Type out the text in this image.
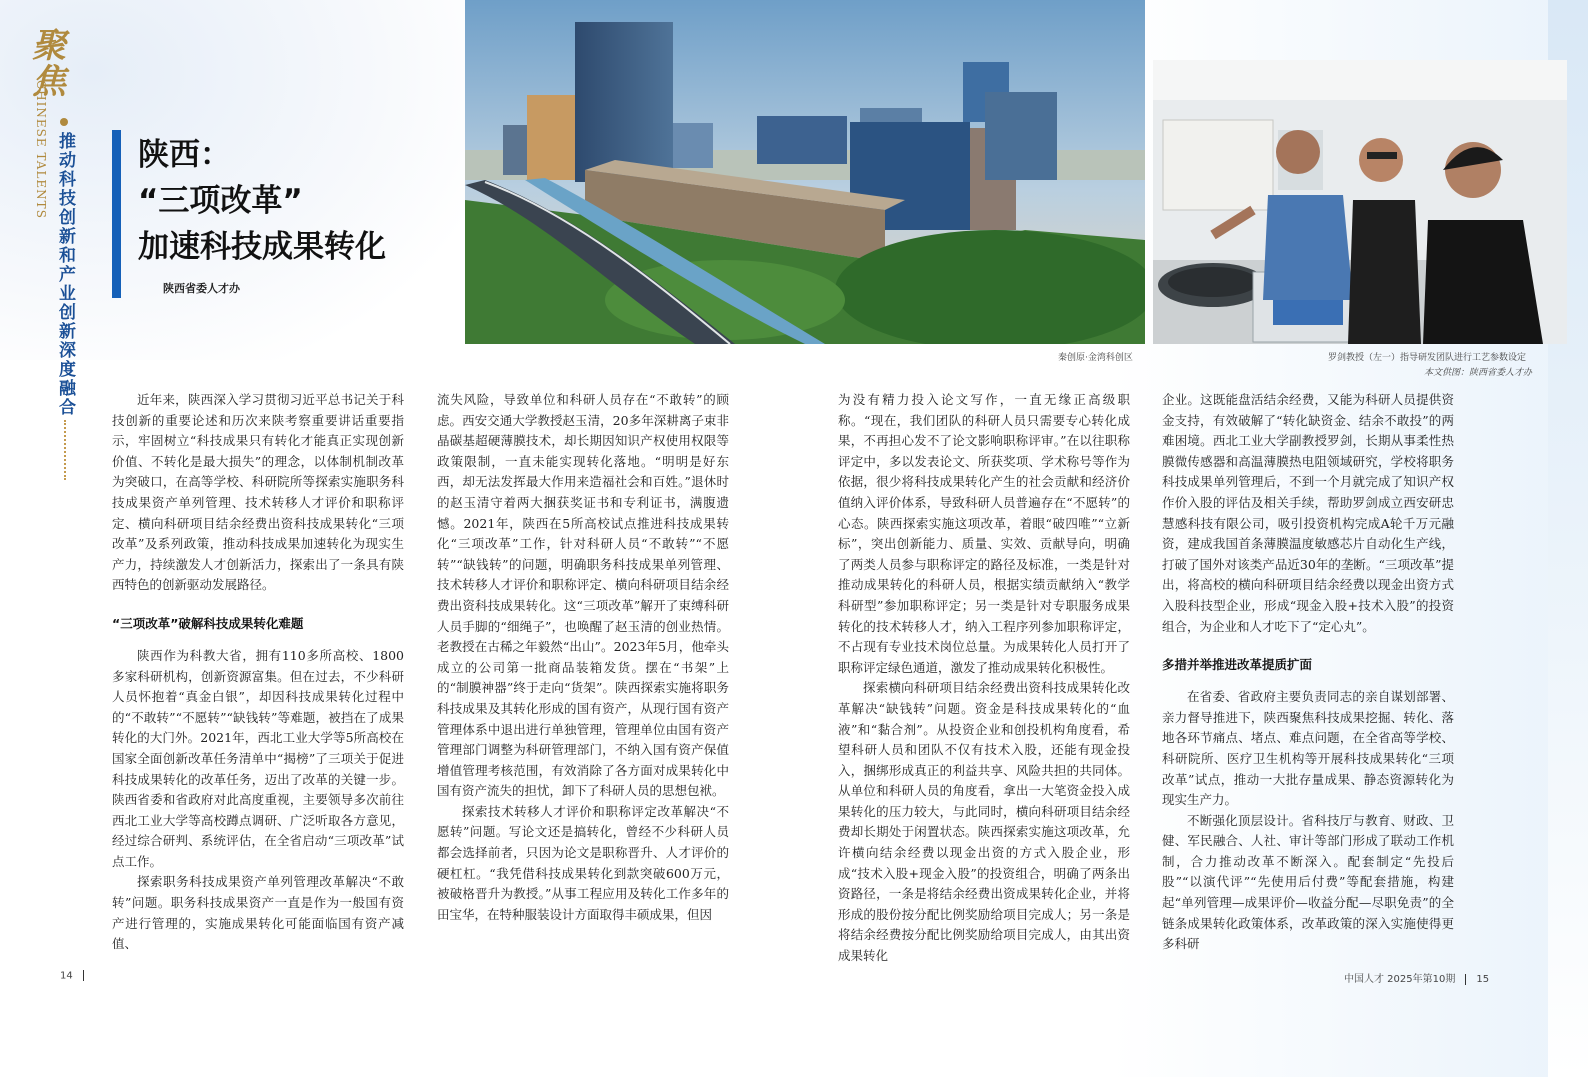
聚
焦
CHINESE TALENTS 推动科技创新和产业创新深度融合 陕西：
“三项改革”
加速科技成果转化
陕西省委人才办
秦创原·金湾科创区	罗剑教授（左一）指导研发团队进行工艺参数设定
本文供图：陕西省委人才办

近年来，陕西深入学习贯彻习近平总书记关于科技创新的重要论述和历次来陕考察重要讲话重要指示，牢固树立“科技成果只有转化才能真正实现创新价值、不转化是最大损失”的理念，以体制机制改革为突破口，在高等学校、科研院所等探索实施职务科技成果资产单列管理、技术转移人才评价和职称评定、横向科研项目结余经费出资科技成果转化“三项改革”及系列政策，推动科技成果加速转化为现实生产力，持续激发人才创新活力，探索出了一条具有陕西特色的创新驱动发展路径。

“三项改革”破解科技成果转化难题

陕西作为科教大省，拥有110多所高校、1800多家科研机构，创新资源富集。但在过去，不少科研人员怀抱着“真金白银”，却因科技成果转化过程中的“不敢转”“不愿转”“缺钱转”等难题，被挡在了成果转化的大门外。2021年，西北工业大学等5所高校在国家全面创新改革任务清单中“揭榜”了三项关于促进科技成果转化的改革任务，迈出了改革的关键一步。陕西省委和省政府对此高度重视，主要领导多次前往西北工业大学等高校蹲点调研、广泛听取各方意见，经过综合研判、系统评估，在全省启动“三项改革”试点工作。

探索职务科技成果资产单列管理改革解决“不敢转”问题。职务科技成果资产一直是作为一般国有资产进行管理的，实施成果转化可能面临国有资产减值、

流失风险，导致单位和科研人员存在“不敢转”的顾虑。西安交通大学教授赵玉清，20多年深耕离子束非晶碳基超硬薄膜技术，却长期因知识产权使用权限等政策限制，一直未能实现转化落地。“明明是好东西，却无法发挥最大作用来造福社会和百姓。”退休时的赵玉清守着两大捆获奖证书和专利证书，满腹遗憾。2021年，陕西在5所高校试点推进科技成果转化“三项改革”工作，针对科研人员“不敢转”“不愿转”“缺钱转”的问题，明确职务科技成果单列管理、技术转移人才评价和职称评定、横向科研项目结余经费出资科技成果转化。这“三项改革”解开了束缚科研人员手脚的“细绳子”，也唤醒了赵玉清的创业热情。老教授在古稀之年毅然“出山”。2023年5月，他牵头成立的公司第一批商品装箱发货。摆在“书架”上的“制膜神器”终于走向“货架”。陕西探索实施将职务科技成果及其转化形成的国有资产，从现行国有资产管理体系中退出进行单独管理，管理单位由国有资产管理部门调整为科研管理部门，不纳入国有资产保值增值管理考核范围，有效消除了各方面对成果转化中国有资产流失的担忧，卸下了科研人员的思想包袱。

探索技术转移人才评价和职称评定改革解决“不愿转”问题。写论文还是搞转化，曾经不少科研人员都会选择前者，只因为论文是职称晋升、人才评价的硬杠杠。“我凭借科技成果转化到款突破600万元，被破格晋升为教授。”从事工程应用及转化工作多年的田宝华，在特种服装设计方面取得丰硕成果，但因

为没有精力投入论文写作，一直无缘正高级职称。“现在，我们团队的科研人员只需要专心转化成果，不再担心发不了论文影响职称评审。”在以往职称评定中，多以发表论文、所获奖项、学术称号等作为依据，很少将科技成果转化产生的社会贡献和经济价值纳入评价体系，导致科研人员普遍存在“不愿转”的心态。陕西探索实施这项改革，着眼“破四唯”“立新标”，突出创新能力、质量、实效、贡献导向，明确了两类人员参与职称评定的路径及标准，一类是针对推动成果转化的科研人员，根据实绩贡献纳入“教学科研型”参加职称评定；另一类是针对专职服务成果转化的技术转移人才，纳入工程序列参加职称评定，不占现有专业技术岗位总量。为成果转化人员打开了职称评定绿色通道，激发了推动成果转化积极性。

探索横向科研项目结余经费出资科技成果转化改革解决“缺钱转”问题。资金是科技成果转化的“血液”和“黏合剂”。从投资企业和创投机构角度看，希望科研人员和团队不仅有技术入股，还能有现金投入，捆绑形成真正的利益共享、风险共担的共同体。从单位和科研人员的角度看，拿出一大笔资金投入成果转化的压力较大，与此同时，横向科研项目结余经费却长期处于闲置状态。陕西探索实施这项改革，允许横向结余经费以现金出资的方式入股企业，形成“技术入股+现金入股”的投资组合，明确了两条出资路径，一条是将结余经费出资成果转化企业，并将形成的股份按分配比例奖励给项目完成人；另一条是将结余经费按分配比例奖励给项目完成人，由其出资成果转化

企业。这既能盘活结余经费，又能为科研人员提供资金支持，有效破解了“转化缺资金、结余不敢投”的两难困境。西北工业大学副教授罗剑，长期从事柔性热膜微传感器和高温薄膜热电阻领域研究，学校将职务科技成果单列管理后，不到一个月就完成了知识产权作价入股的评估及相关手续，帮助罗剑成立西安研忠慧感科技有限公司，吸引投资机构完成A轮千万元融资，建成我国首条薄膜温度敏感芯片自动化生产线，打破了国外对该类产品近30年的垄断。“三项改革”提出，将高校的横向科研项目结余经费以现金出资方式入股科技型企业，形成“现金入股+技术入股”的投资组合，为企业和人才吃下了“定心丸”。

多措并举推进改革提质扩面

在省委、省政府主要负责同志的亲自谋划部署、亲力督导推进下，陕西聚焦科技成果挖掘、转化、落地各环节痛点、堵点、难点问题，在全省高等学校、科研院所、医疗卫生机构等开展科技成果转化“三项改革”试点，推动一大批存量成果、静态资源转化为现实生产力。

不断强化顶层设计。省科技厅与教育、财政、卫健、军民融合、人社、审计等部门形成了联动工作机制，合力推动改革不断深入。配套制定“先投后股”“以演代评”“先使用后付费”等配套措施，构建起“单列管理—成果评价—收益分配—尽职免责”的全链条成果转化政策体系，改革政策的深入实施使得更多科研

14	中国人才 2025年第10期 15
